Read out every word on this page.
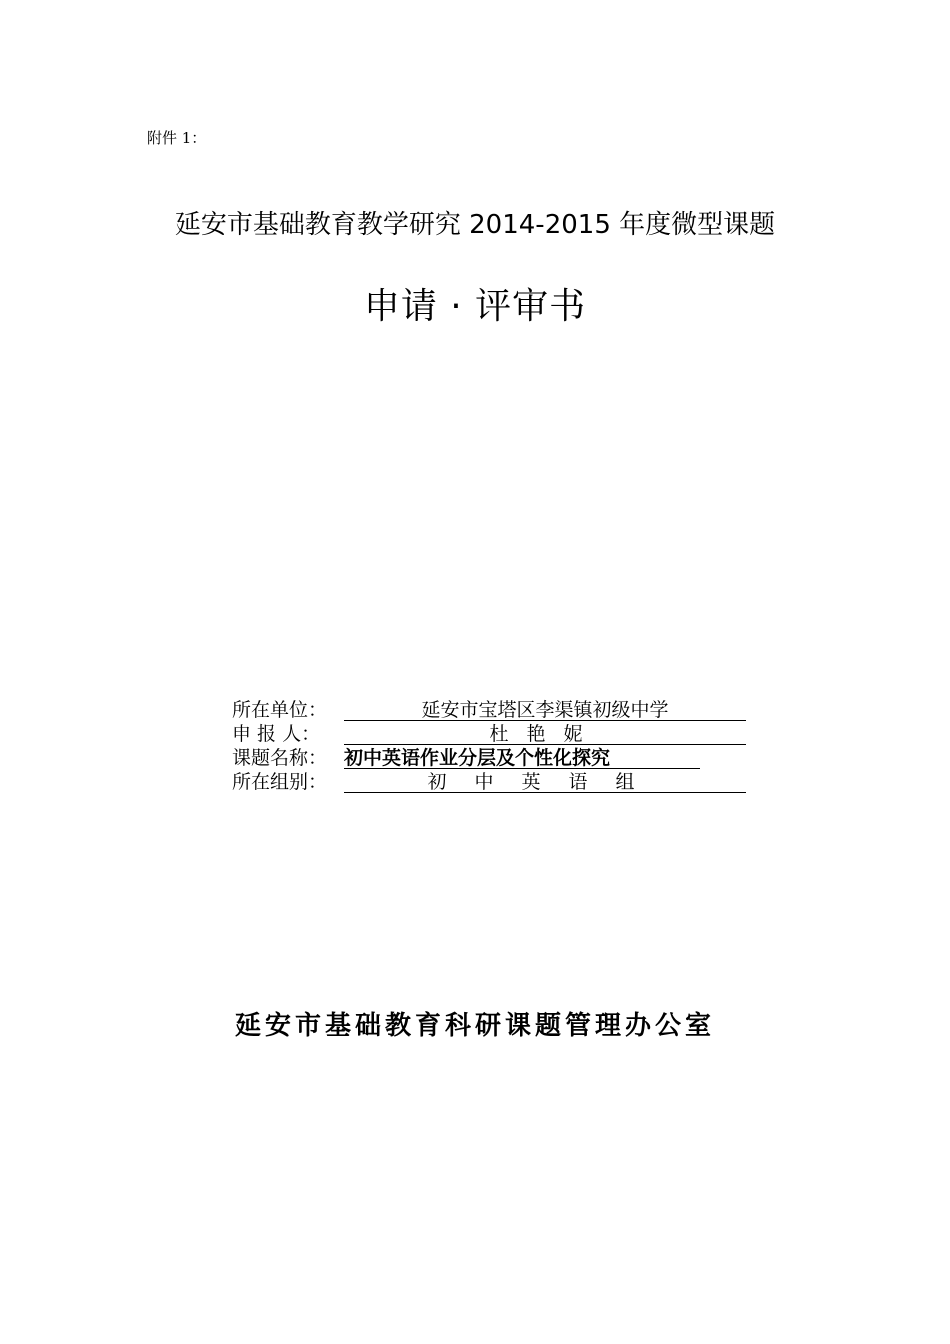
附件 1：
延安市基础教育教学研究 2014-2015 年度微型课题
申请 · 评审书
所在单位：	延安市宝塔区李渠镇初级中学
申 报 人：	杜艳妮
课题名称： 初中英语作业分层及个性化探究
所在组别：	初中英语组
延安市基础教育科研课题管理办公室
